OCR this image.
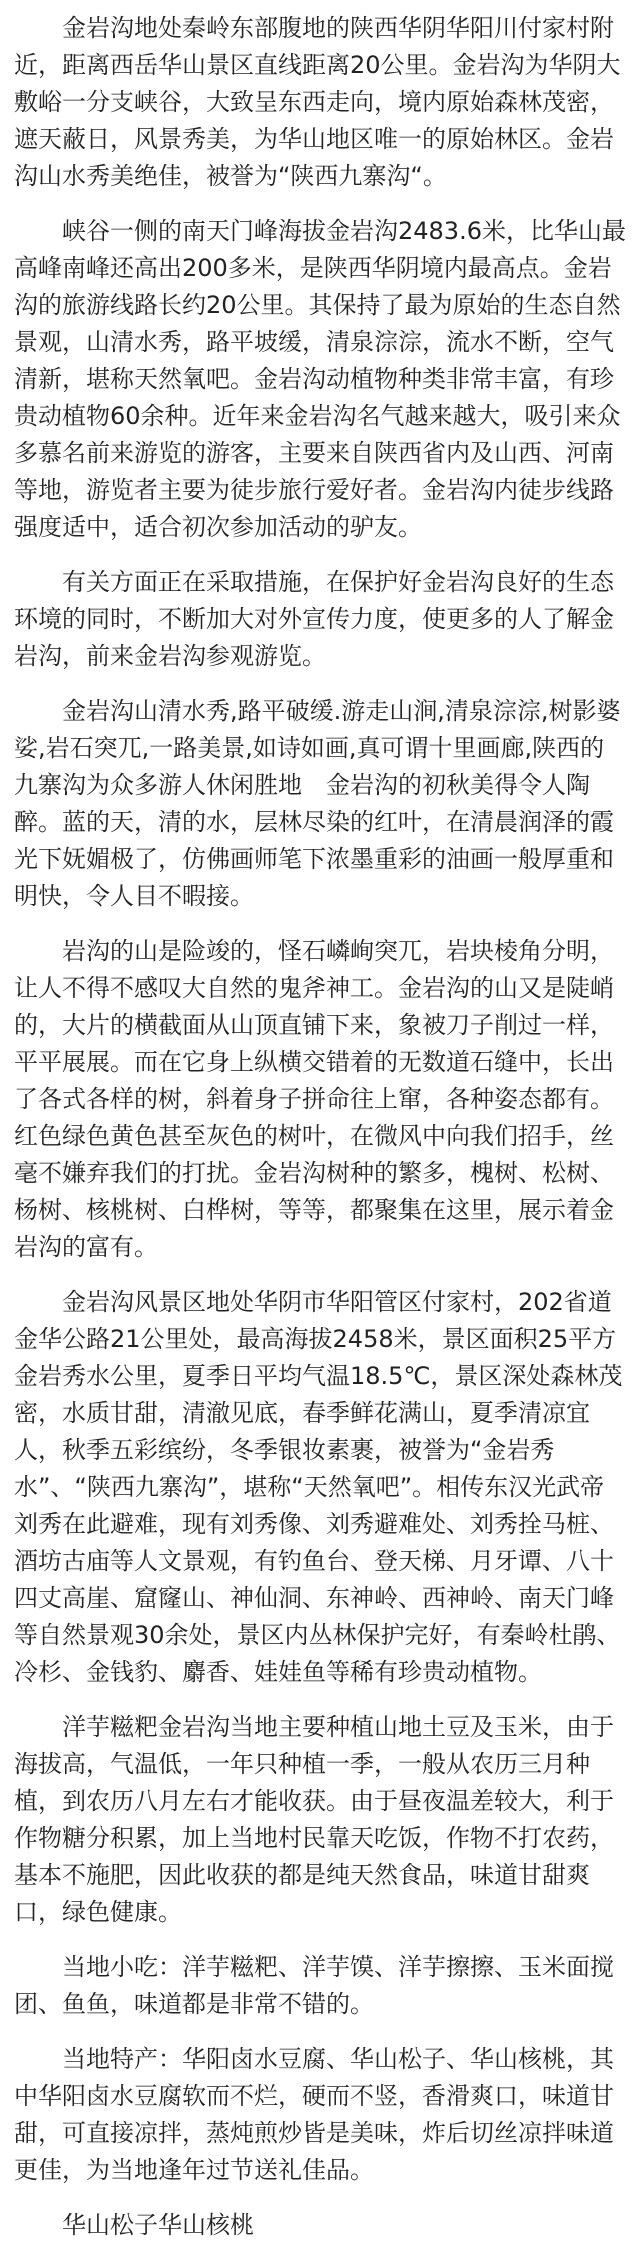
金岩沟地处秦岭东部腹地的陕西华阴华阳川付家村附近，距离西岳华山景区直线距离20公里。金岩沟为华阴大敷峪一分支峡谷，大致呈东西走向，境内原始森林茂密，遮天蔽日，风景秀美，为华山地区唯一的原始林区。金岩沟山水秀美绝佳，被誉为“陕西九寨沟“。

峡谷一侧的南天门峰海拔金岩沟2483.6米，比华山最高峰南峰还高出200多米，是陕西华阴境内最高点。金岩沟的旅游线路长约20公里。其保持了最为原始的生态自然景观，山清水秀，路平坡缓，清泉淙淙，流水不断，空气清新，堪称天然氧吧。金岩沟动植物种类非常丰富，有珍贵动植物60余种。近年来金岩沟名气越来越大，吸引来众多慕名前来游览的游客，主要来自陕西省内及山西、河南等地，游览者主要为徒步旅行爱好者。金岩沟内徒步线路强度适中，适合初次参加活动的驴友。

有关方面正在采取措施，在保护好金岩沟良好的生态环境的同时，不断加大对外宣传力度，使更多的人了解金岩沟，前来金岩沟参观游览。

金岩沟山清水秀,路平破缓.游走山涧,清泉淙淙,树影婆娑,岩石突兀,一路美景,如诗如画,真可谓十里画廊,陕西的九寨沟为众多游人休闲胜地　金岩沟的初秋美得令人陶醉。蓝的天，清的水，层林尽染的红叶，在清晨润泽的霞光下妩媚极了，仿佛画师笔下浓墨重彩的油画一般厚重和明快，令人目不暇接。

岩沟的山是险竣的，怪石嶙峋突兀，岩块棱角分明，让人不得不感叹大自然的鬼斧神工。金岩沟的山又是陡峭的，大片的横截面从山顶直铺下来，象被刀子削过一样，平平展展。而在它身上纵横交错着的无数道石缝中，长出了各式各样的树，斜着身子拼命往上窜，各种姿态都有。红色绿色黄色甚至灰色的树叶，在微风中向我们招手，丝毫不嫌弃我们的打扰。金岩沟树种的繁多，槐树、松树、杨树、核桃树、白桦树，等等，都聚集在这里，展示着金岩沟的富有。

金岩沟风景区地处华阴市华阳管区付家村，202省道金华公路21公里处，最高海拔2458米，景区面积25平方金岩秀水公里，夏季日平均气温18.5℃，景区深处森林茂密，水质甘甜，清澈见底，春季鲜花满山，夏季清凉宜人，秋季五彩缤纷，冬季银妆素裹，被誉为“金岩秀水”、“陕西九寨沟”，堪称“天然氧吧”。相传东汉光武帝刘秀在此避难，现有刘秀像、刘秀避难处、刘秀拴马桩、酒坊古庙等人文景观，有钓鱼台、登天梯、月牙谭、八十四丈高崖、窟窿山、神仙洞、东神岭、西神岭、南天门峰等自然景观30余处，景区内丛林保护完好，有秦岭杜鹃、冷杉、金钱豹、麝香、娃娃鱼等稀有珍贵动植物。

洋芋糍粑金岩沟当地主要种植山地土豆及玉米，由于海拔高，气温低，一年只种植一季，一般从农历三月种植，到农历八月左右才能收获。由于昼夜温差较大，利于作物糖分积累，加上当地村民靠天吃饭，作物不打农药，基本不施肥，因此收获的都是纯天然食品，味道甘甜爽口，绿色健康。

当地小吃：洋芋糍粑、洋芋馍、洋芋擦擦、玉米面搅团、鱼鱼，味道都是非常不错的。

当地特产：华阳卤水豆腐、华山松子、华山核桃，其中华阳卤水豆腐软而不烂，硬而不竖，香滑爽口，味道甘甜，可直接凉拌，蒸炖煎炒皆是美味，炸后切丝凉拌味道更佳，为当地逢年过节送礼佳品。

华山松子华山核桃
